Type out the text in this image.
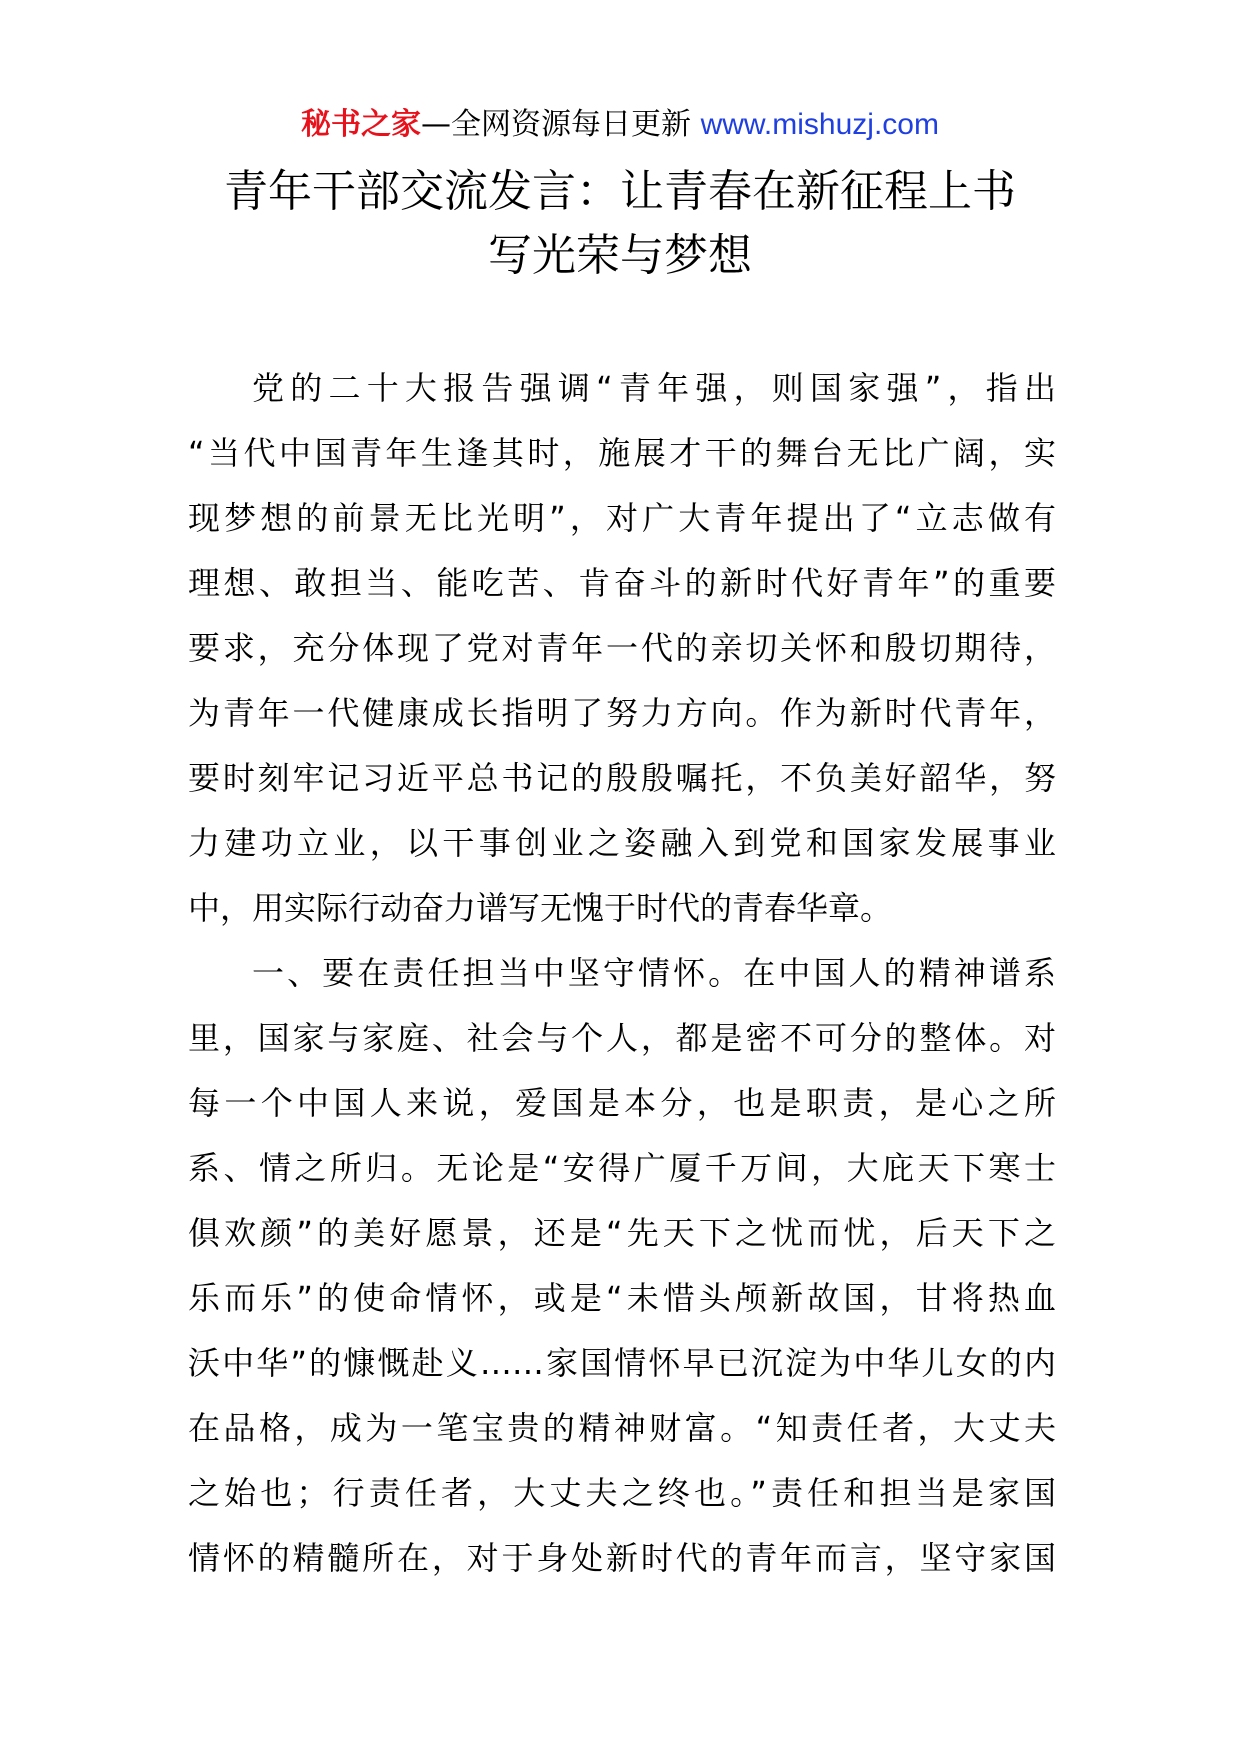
秘书之家—全网资源每日更新 www.mishuzj.com
青年干部交流发言：让青春在新征程上书
写光荣与梦想
党的二十大报告强调“青年强，则国家强”，指出
“当代中国青年生逢其时，施展才干的舞台无比广阔，实
现梦想的前景无比光明”，对广大青年提出了“立志做有
理想、敢担当、能吃苦、肯奋斗的新时代好青年”的重要
要求，充分体现了党对青年一代的亲切关怀和殷切期待，
为青年一代健康成长指明了努力方向。作为新时代青年，
要时刻牢记习近平总书记的殷殷嘱托，不负美好韶华，努
力建功立业，以干事创业之姿融入到党和国家发展事业
中，用实际行动奋力谱写无愧于时代的青春华章。
一、要在责任担当中坚守情怀。在中国人的精神谱系
里，国家与家庭、社会与个人，都是密不可分的整体。对
每一个中国人来说，爱国是本分，也是职责，是心之所
系、情之所归。无论是“安得广厦千万间，大庇天下寒士
俱欢颜”的美好愿景，还是“先天下之忧而忧，后天下之
乐而乐”的使命情怀，或是“未惜头颅新故国，甘将热血
沃中华”的慷慨赴义……家国情怀早已沉淀为中华儿女的内
在品格，成为一笔宝贵的精神财富。“知责任者，大丈夫
之始也；行责任者，大丈夫之终也。”责任和担当是家国
情怀的精髓所在，对于身处新时代的青年而言，坚守家国
